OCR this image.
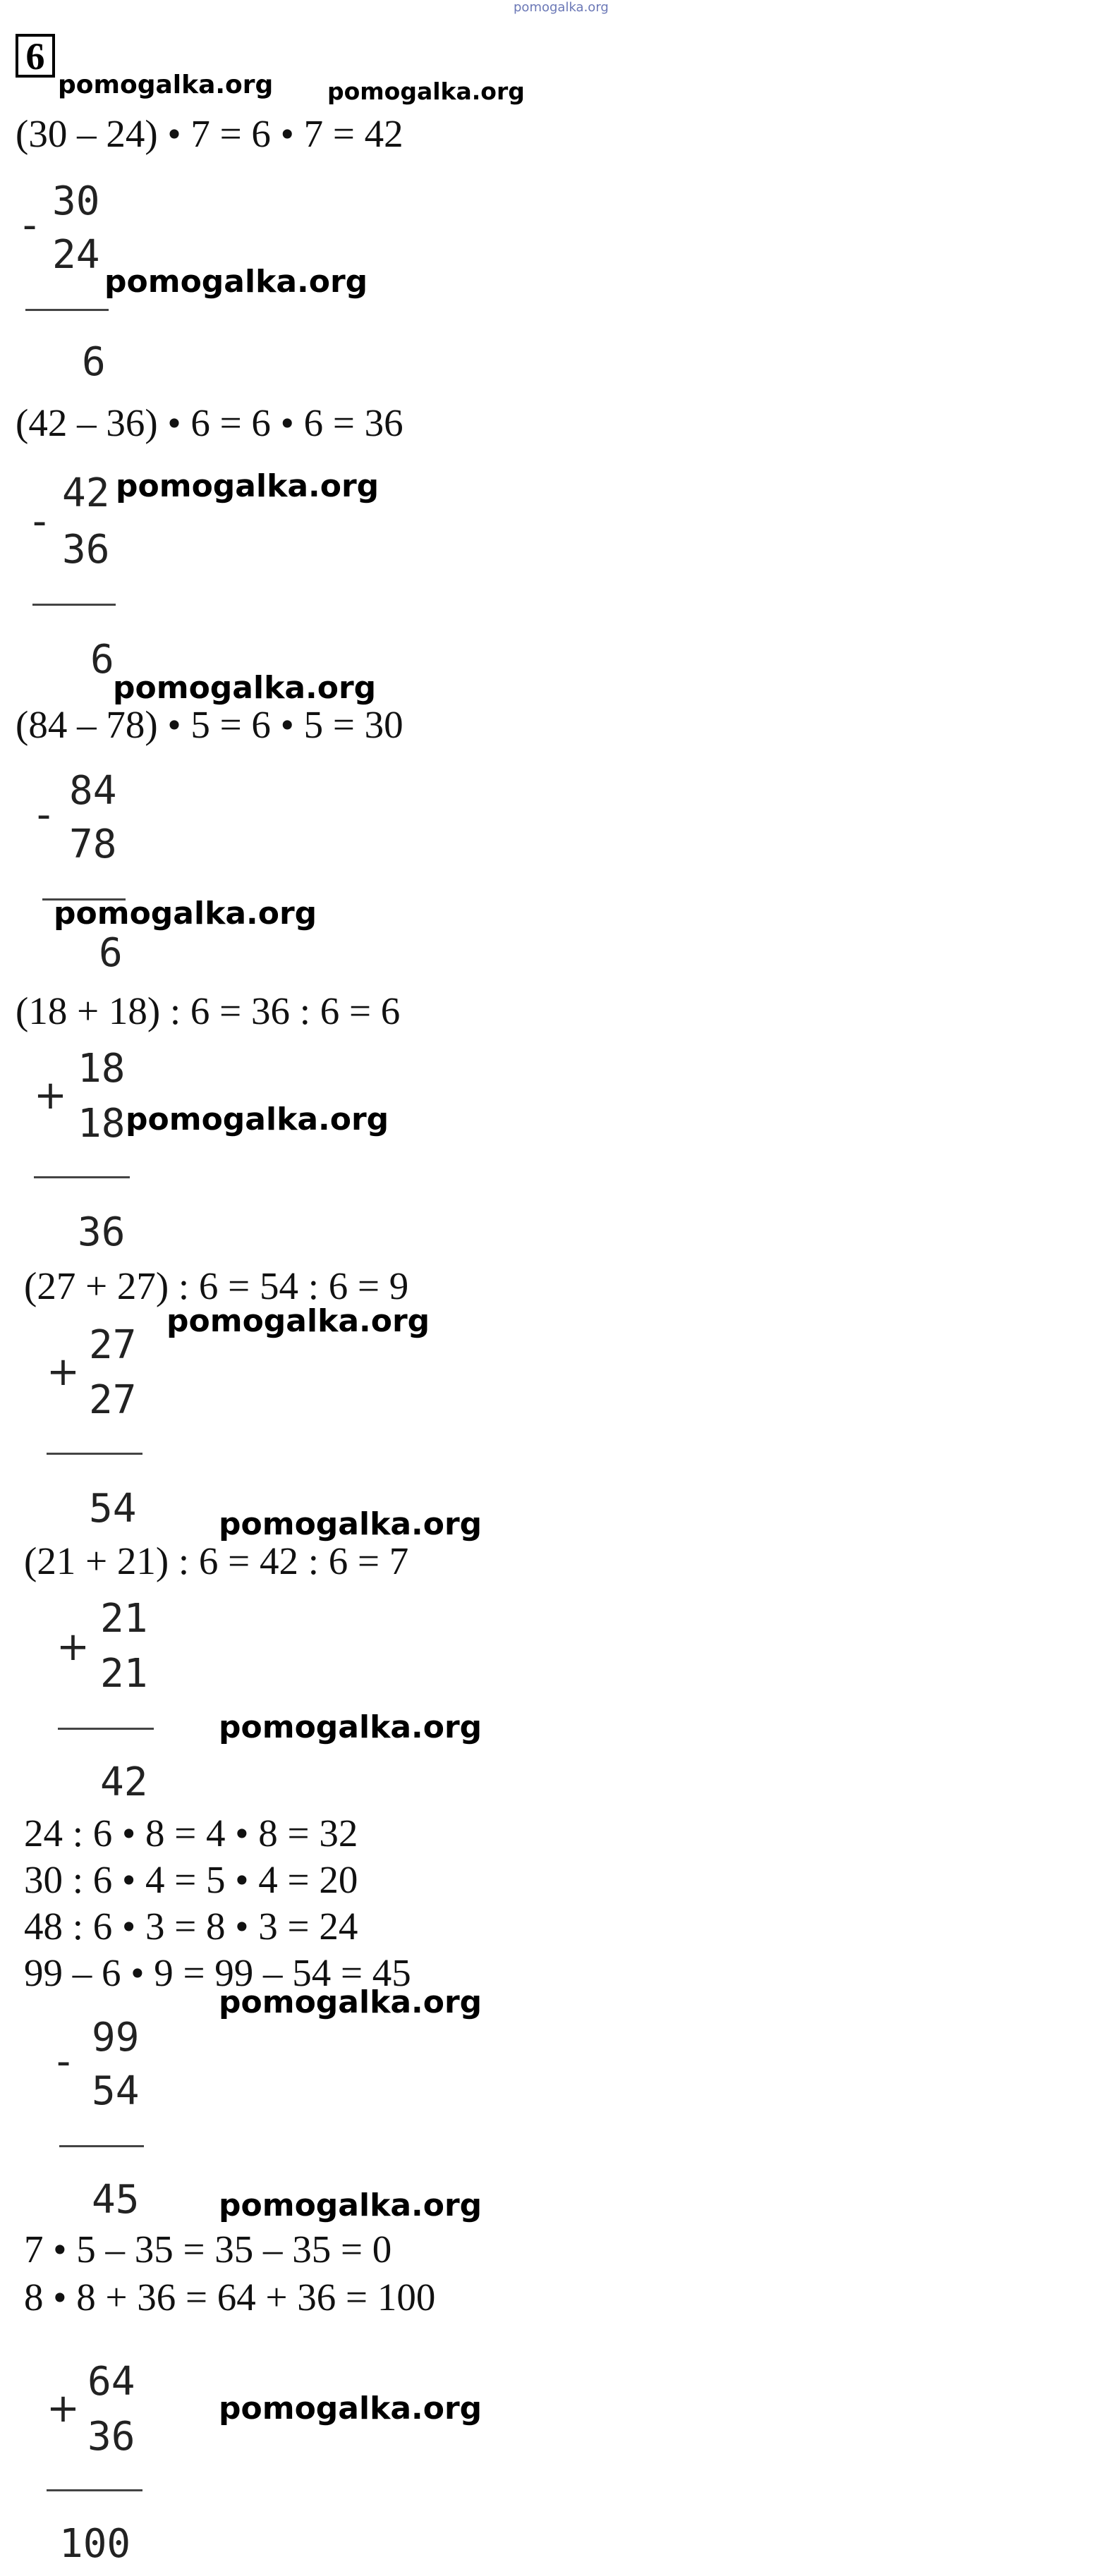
pomogalka.org
6
pomogalka.org pomogalka.org
(30 – 24) • 7 = 6 • 7 = 42
-
30
24
6
pomogalka.org
(42 – 36) • 6 = 6 • 6 = 36
-
42
36
6
pomogalka.org
pomogalka.org
(84 – 78) • 5 = 6 • 5 = 30
-
84
78
6
pomogalka.org
(18 + 18) : 6 = 36 : 6 = 6
+
18
18
36
pomogalka.org
(27 + 27) : 6 = 54 : 6 = 9
pomogalka.org
+
27
27
54	pomogalka.org
(21 + 21) : 6 = 42 : 6 = 7
+
21
21
42
pomogalka.org
24 : 6 • 8 = 4 • 8 = 32
30 : 6 • 4 = 5 • 4 = 20
48 : 6 • 3 = 8 • 3 = 24
99 – 6 • 9 = 99 – 54 = 45
pomogalka.org
-
99
54
45	pomogalka.org
7 • 5 – 35 = 35 – 35 = 0
8 • 8 + 36 = 64 + 36 = 100
+
64
36
100
pomogalka.org
